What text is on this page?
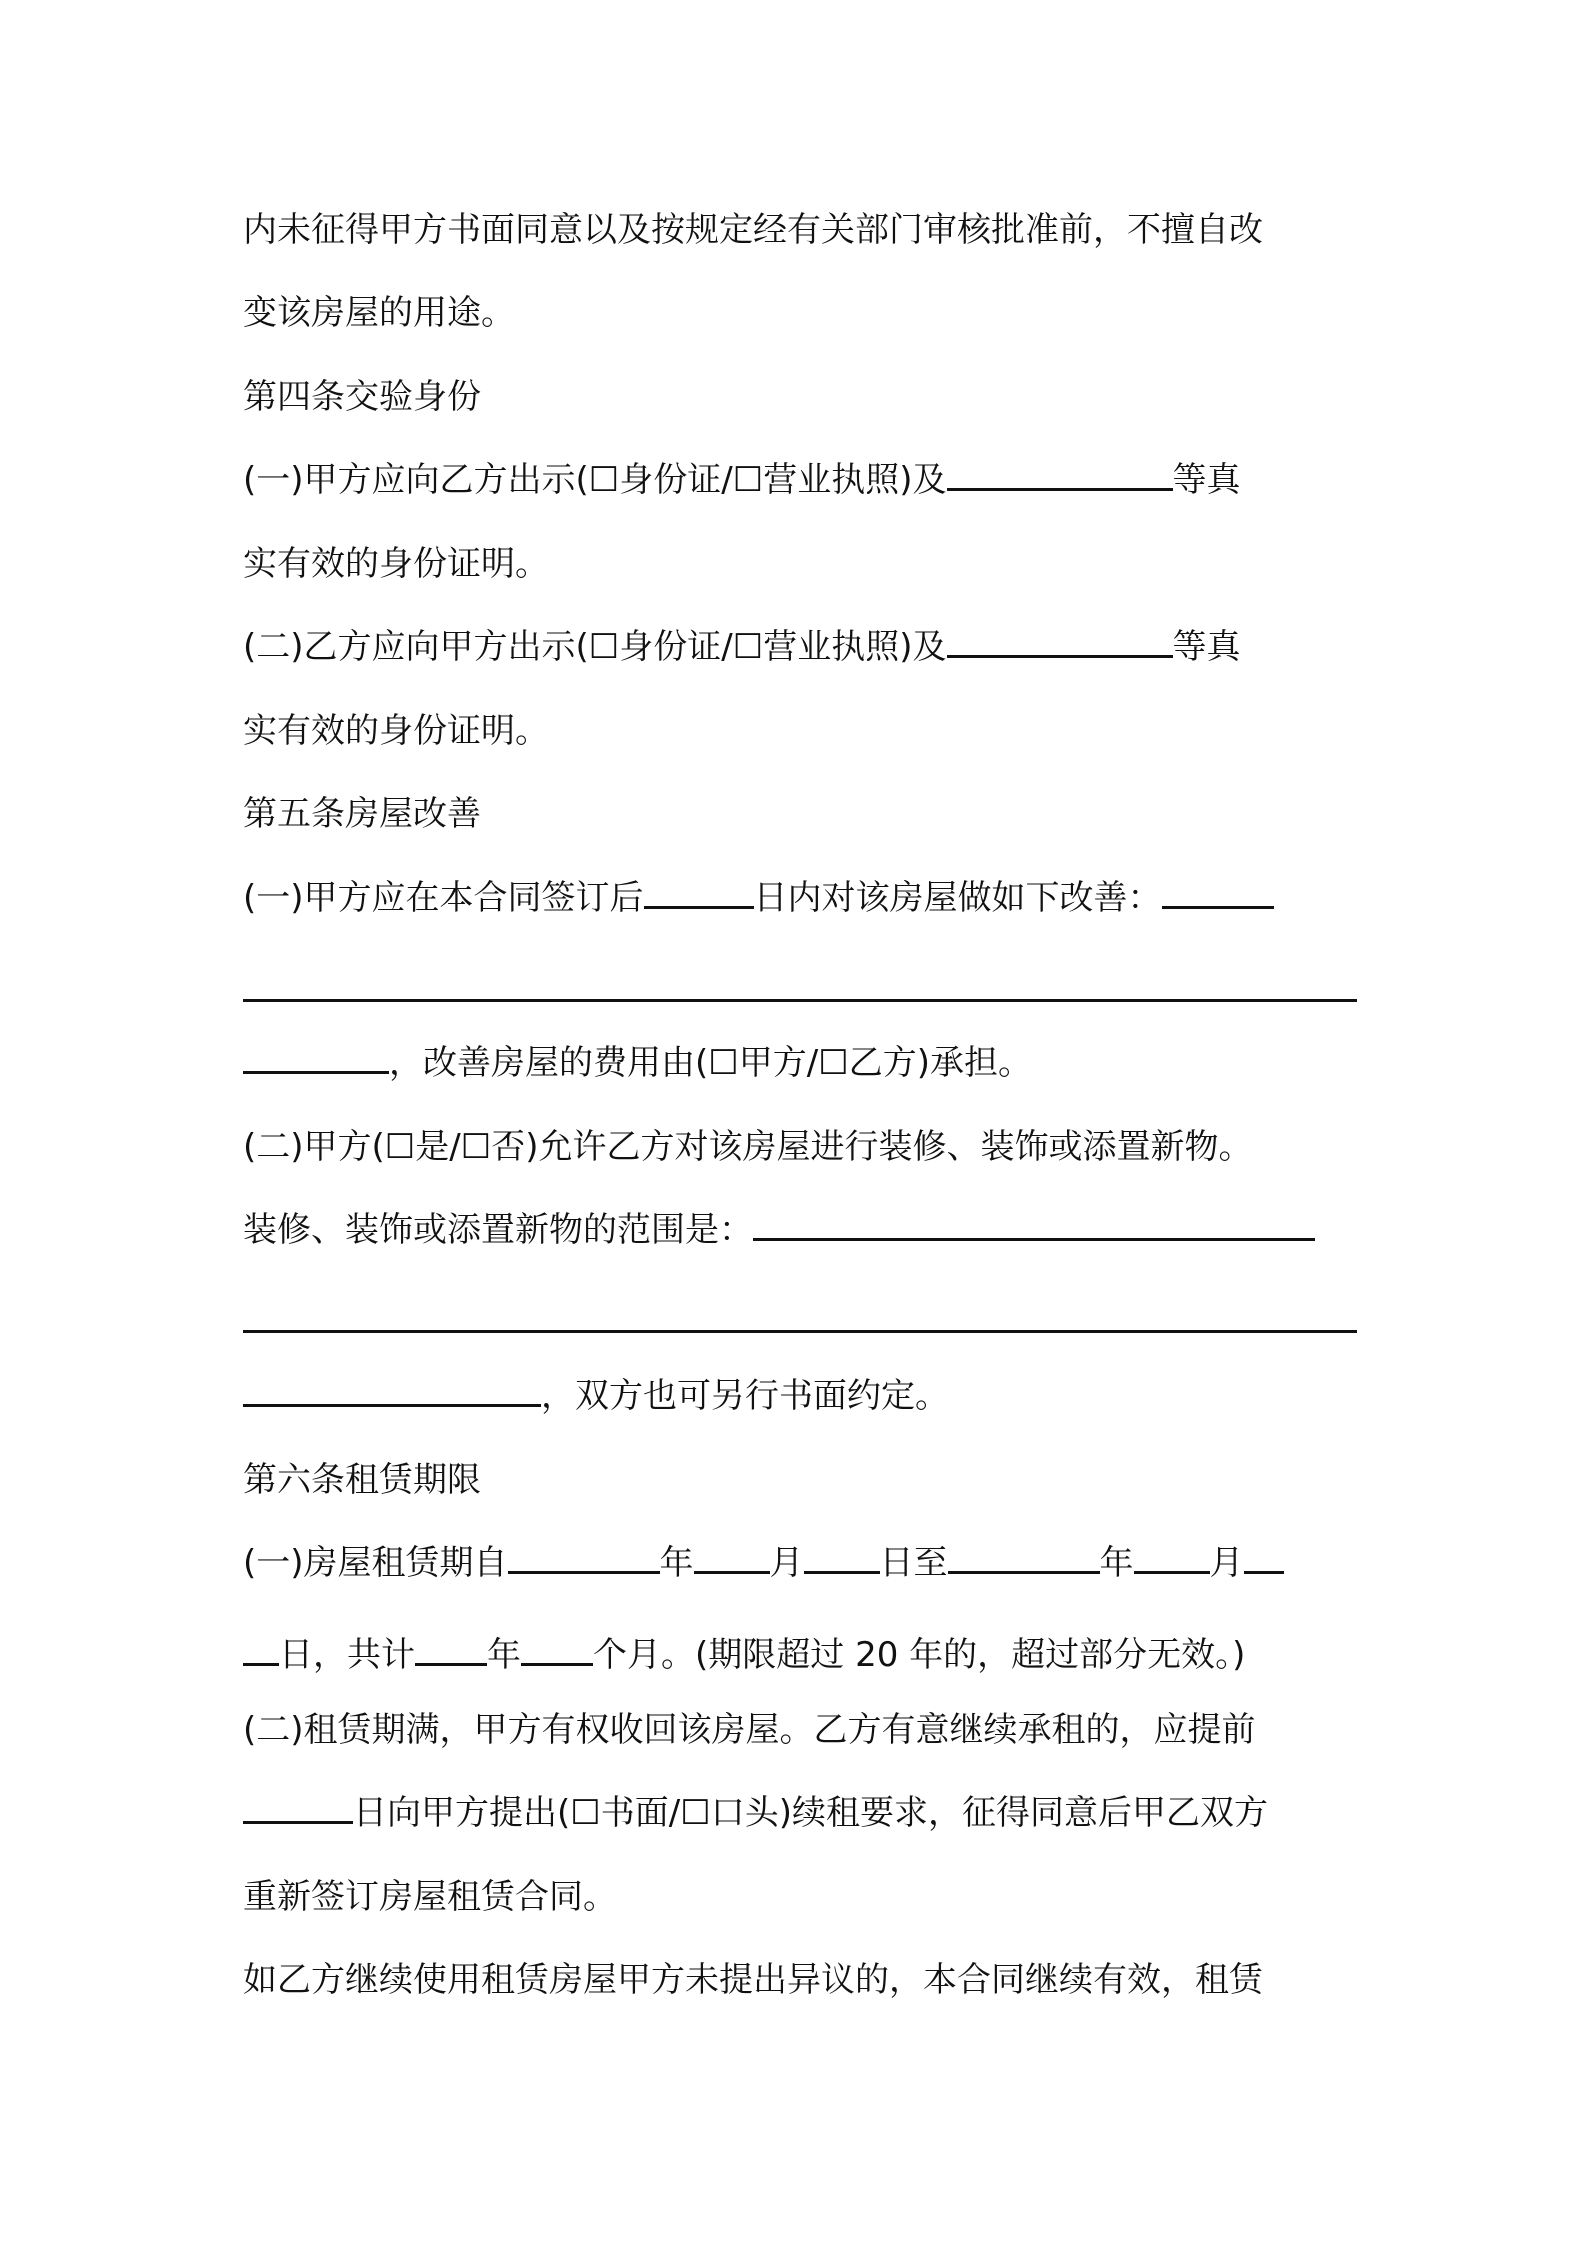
内未征得甲方书面同意以及按规定经有关部门审核批准前，不擅自改
变该房屋的用途。
第四条交验身份
(一)甲方应向乙方出示(☐身份证/☐营业执照)及	等真
实有效的身份证明。
(二)乙方应向甲方出示(☐身份证/☐营业执照)及	等真
实有效的身份证明。
第五条房屋改善
(一)甲方应在本合同签订后	日内对该房屋做如下改善：
，改善房屋的费用由(☐甲方/☐乙方)承担。
(二)甲方(☐是/☐否)允许乙方对该房屋进行装修、装饰或添置新物。
装修、装饰或添置新物的范围是：
，双方也可另行书面约定。
第六条租赁期限
(一)房屋租赁期自	年 月 日至	年 月
日，共计 年 个月。(期限超过 20 年的，超过部分无效。)
(二)租赁期满，甲方有权收回该房屋。乙方有意继续承租的，应提前
日向甲方提出(☐书面/☐口头)续租要求，征得同意后甲乙双方
重新签订房屋租赁合同。
如乙方继续使用租赁房屋甲方未提出异议的，本合同继续有效，租赁
